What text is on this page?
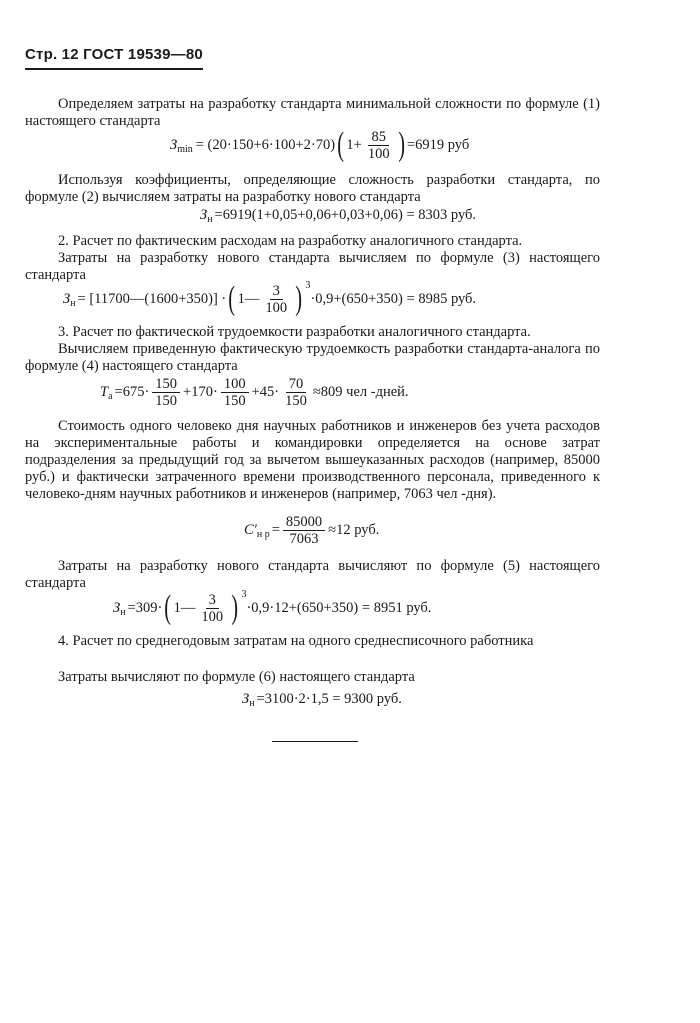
Стр. 12 ГОСТ 19539—80
Определяем затраты на разработку стандарта минимальной сложности по формуле (1) настоящего стандарта
З min = (20·150+6·100+2·70) ( $1+ \frac{85}{100}$ ) =6919 руб
Используя коэффициенты, определяющие сложность разработки стандарта, по формуле (2) вычисляем затраты на разработку нового стандарта
З н =6919(1+0,05+0,06+0,03+0,06) = 8303 руб.
2. Расчет по фактическим расходам на разработку аналогичного стандарта.
Затраты на разработку нового стандарта вычисляем по формуле (3) настоящего стандарта
З н = [11700—(1600+350)] · ( 1— $\frac{3}{100}$ ) 3
·0,9+(650+350) = 8985 руб.
3. Расчет по фактической трудоемкости разработки аналогичного стандарта.
Вычисляем приведенную фактическую трудоемкость разработки стандарта-аналога по формуле (4) настоящего стандарта
T $a =675\cdot \frac{150}{150} +170\cdot \frac{100}{150} +45\cdot \frac{70}{150} \approx 809$ чел -дней.
Стоимость одного человеко дня научных работников и инженеров без учета расходов на экспериментальные работы и командировки определяется на основе затрат подразделения за предыдущий год за вычетом вышеуказанных расходов (например, 85000 руб.) и фактически затраченного времени производственного персонала, приведенного к человеко-дням научных работников и инженеров (например, 7063 чел -дня).
C′ н $р = \frac{85000}{7063} \approx 12$ руб.
Затраты на разработку нового стандарта вычисляют по формуле (5) настоящего стандарта
З н =309· ( 1— $\frac{3}{100}$ ) 3
·0,9·12+(650+350) = 8951 руб.
4. Расчет по среднегодовым затратам на одного среднесписочного работника
Затраты вычисляют по формуле (6) настоящего стандарта
З н =3100·2·1,5 = 9300 руб.
